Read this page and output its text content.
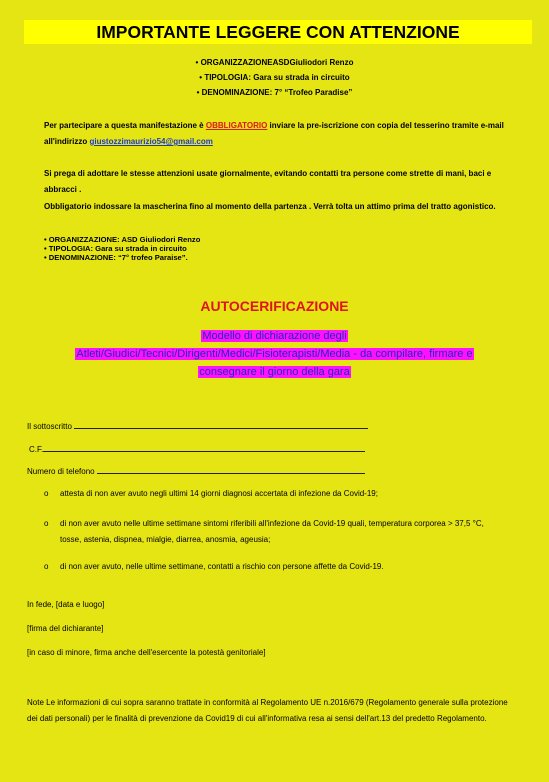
IMPORTANTE LEGGERE CON ATTENZIONE
• ORGANIZZAZIONEASDGiuliodori Renzo
• TIPOLOGIA: Gara su strada in circuito
• DENOMINAZIONE: 7° “Trofeo Paradise”
Per partecipare a questa manifestazione è OBBLIGATORIO inviare la pre-iscrizione con copia del tesserino tramite e-mail all'indirizzo giustozzimaurizio54@gmail.com
Si prega di adottare le stesse attenzioni usate giornalmente, evitando contatti tra persone come strette di mani, baci e abbracci .
Obbligatorio indossare la mascherina fino al momento della partenza . Verrà tolta un attimo prima del tratto agonistico.
• ORGANIZZAZIONE: ASD Giuliodori Renzo
• TIPOLOGIA: Gara su strada in circuito
• DENOMINAZIONE: “7° trofeo Paraise”.
AUTOCERIFICAZIONE
Modello di dichiarazione degli
Atleti/Giudici/Tecnici/Dirigenti/Medici/Fisioterapisti/Media - da compilare, firmare e
consegnare il giorno della gara
Il sottoscritto
C.F.
Numero di telefono
o attesta di non aver avuto negli ultimi 14 giorni diagnosi accertata di infezione da Covid-19;
o di non aver avuto nelle ultime settimane sintomi riferibili all'infezione da Covid-19 quali, temperatura corporea > 37,5 °C, tosse, astenia, dispnea, mialgie, diarrea, anosmia, ageusia;
o di non aver avuto, nelle ultime settimane, contatti a rischio con persone affette da Covid-19.
In fede, [data e luogo]
[firma del dichiarante]
[in caso di minore, firma anche dell'esercente la potestà genitoriale]
Note Le informazioni di cui sopra saranno trattate in conformità al Regolamento UE n.2016/679 (Regolamento generale sulla protezione dei dati personali) per le finalità di prevenzione da Covid19 di cui all'informativa resa ai sensi dell'art.13 del predetto Regolamento.
